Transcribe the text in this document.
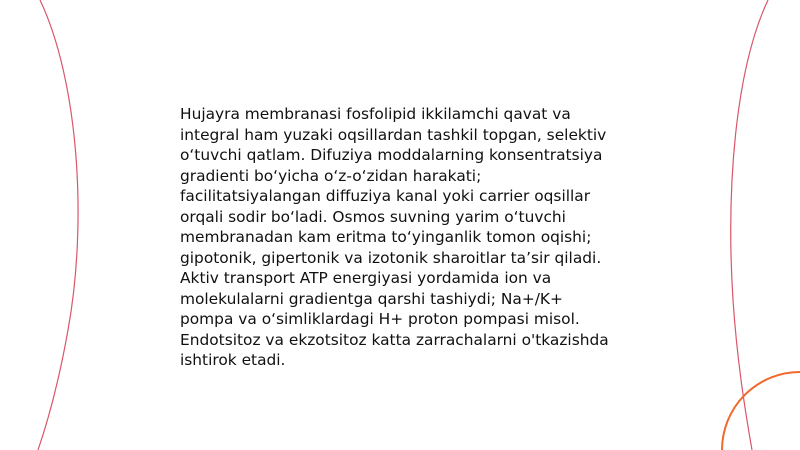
Hujayra membranasi fosfolipid ikkilamchi qavat va integral ham yuzaki oqsillardan tashkil topgan, selektiv o‘tuvchi qatlam. Difuziya moddalarning konsentratsiya gradienti bo‘yicha o‘z-o‘zidan harakati; facilitatsiyalangan diffuziya kanal yoki carrier oqsillar orqali sodir bo‘ladi. Osmos suvning yarim o‘tuvchi membranadan kam eritma to‘yinganlik tomon oqishi; gipotonik, gipertonik va izotonik sharoitlar ta’sir qiladi. Aktiv transport ATP energiyasi yordamida ion va molekulalarni gradientga qarshi tashiydi; Na+/K+ pompa va o‘simliklardagi H+ proton pompasi misol. Endotsitoz va ekzotsitoz katta zarrachalarni o'tkazishda ishtirok etadi.
